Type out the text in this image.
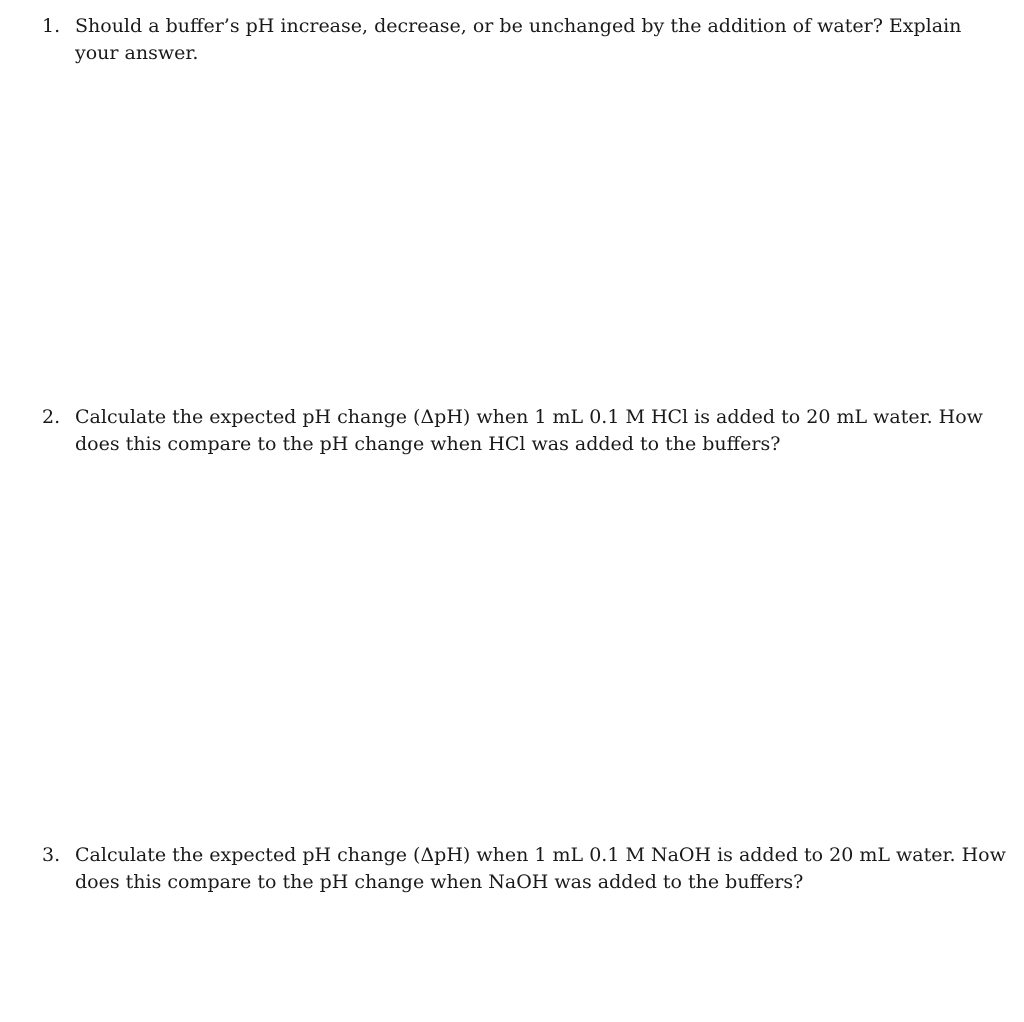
1. Should a buffer’s pH increase, decrease, or be unchanged by the addition of water? Explain your answer.

2. Calculate the expected pH change (ΔpH) when 1 mL 0.1 M HCl is added to 20 mL water. How does this compare to the pH change when HCl was added to the buffers?

3. Calculate the expected pH change (ΔpH) when 1 mL 0.1 M NaOH is added to 20 mL water. How does this compare to the pH change when NaOH was added to the buffers?
